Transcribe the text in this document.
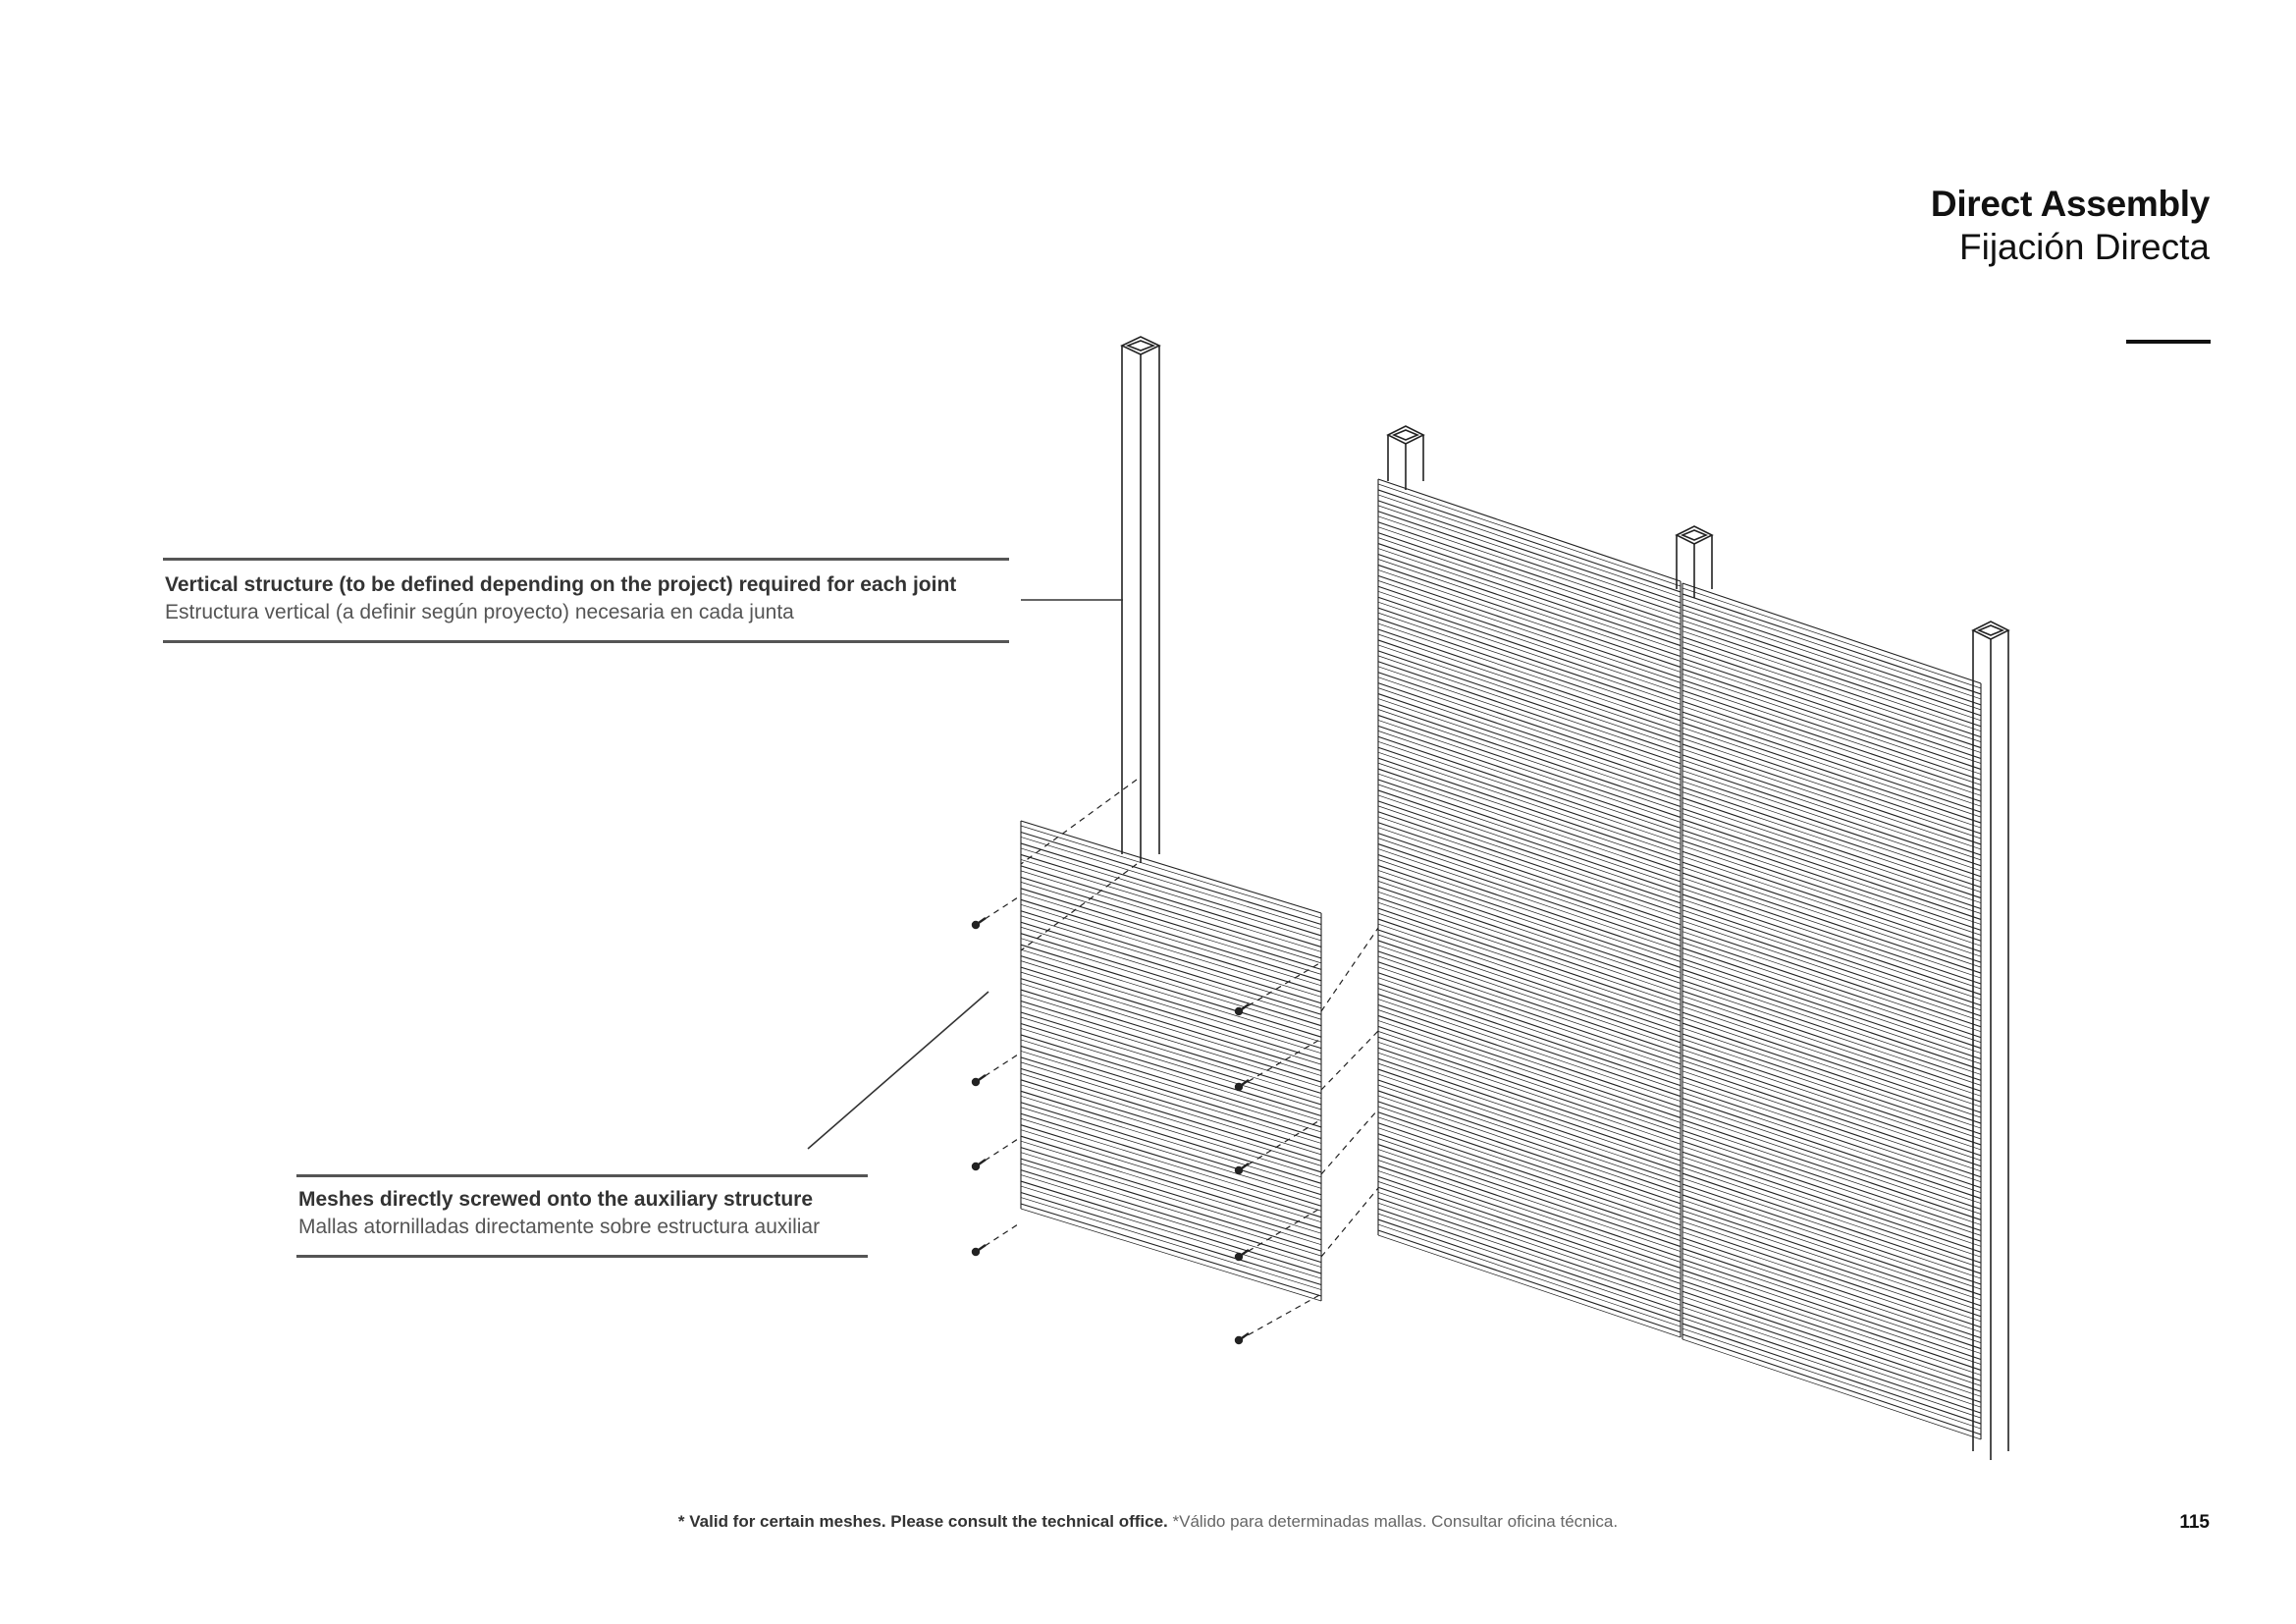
Direct Assembly
Fijación Directa
Vertical structure (to be defined depending on the project) required for each joint
Estructura vertical (a definir según proyecto) necesaria en cada junta
Meshes directly screwed onto the auxiliary structure
Mallas atornilladas directamente sobre estructura auxiliar
* Valid for certain meshes. Please consult the technical office. *Válido para determinadas mallas. Consultar oficina técnica.	115
